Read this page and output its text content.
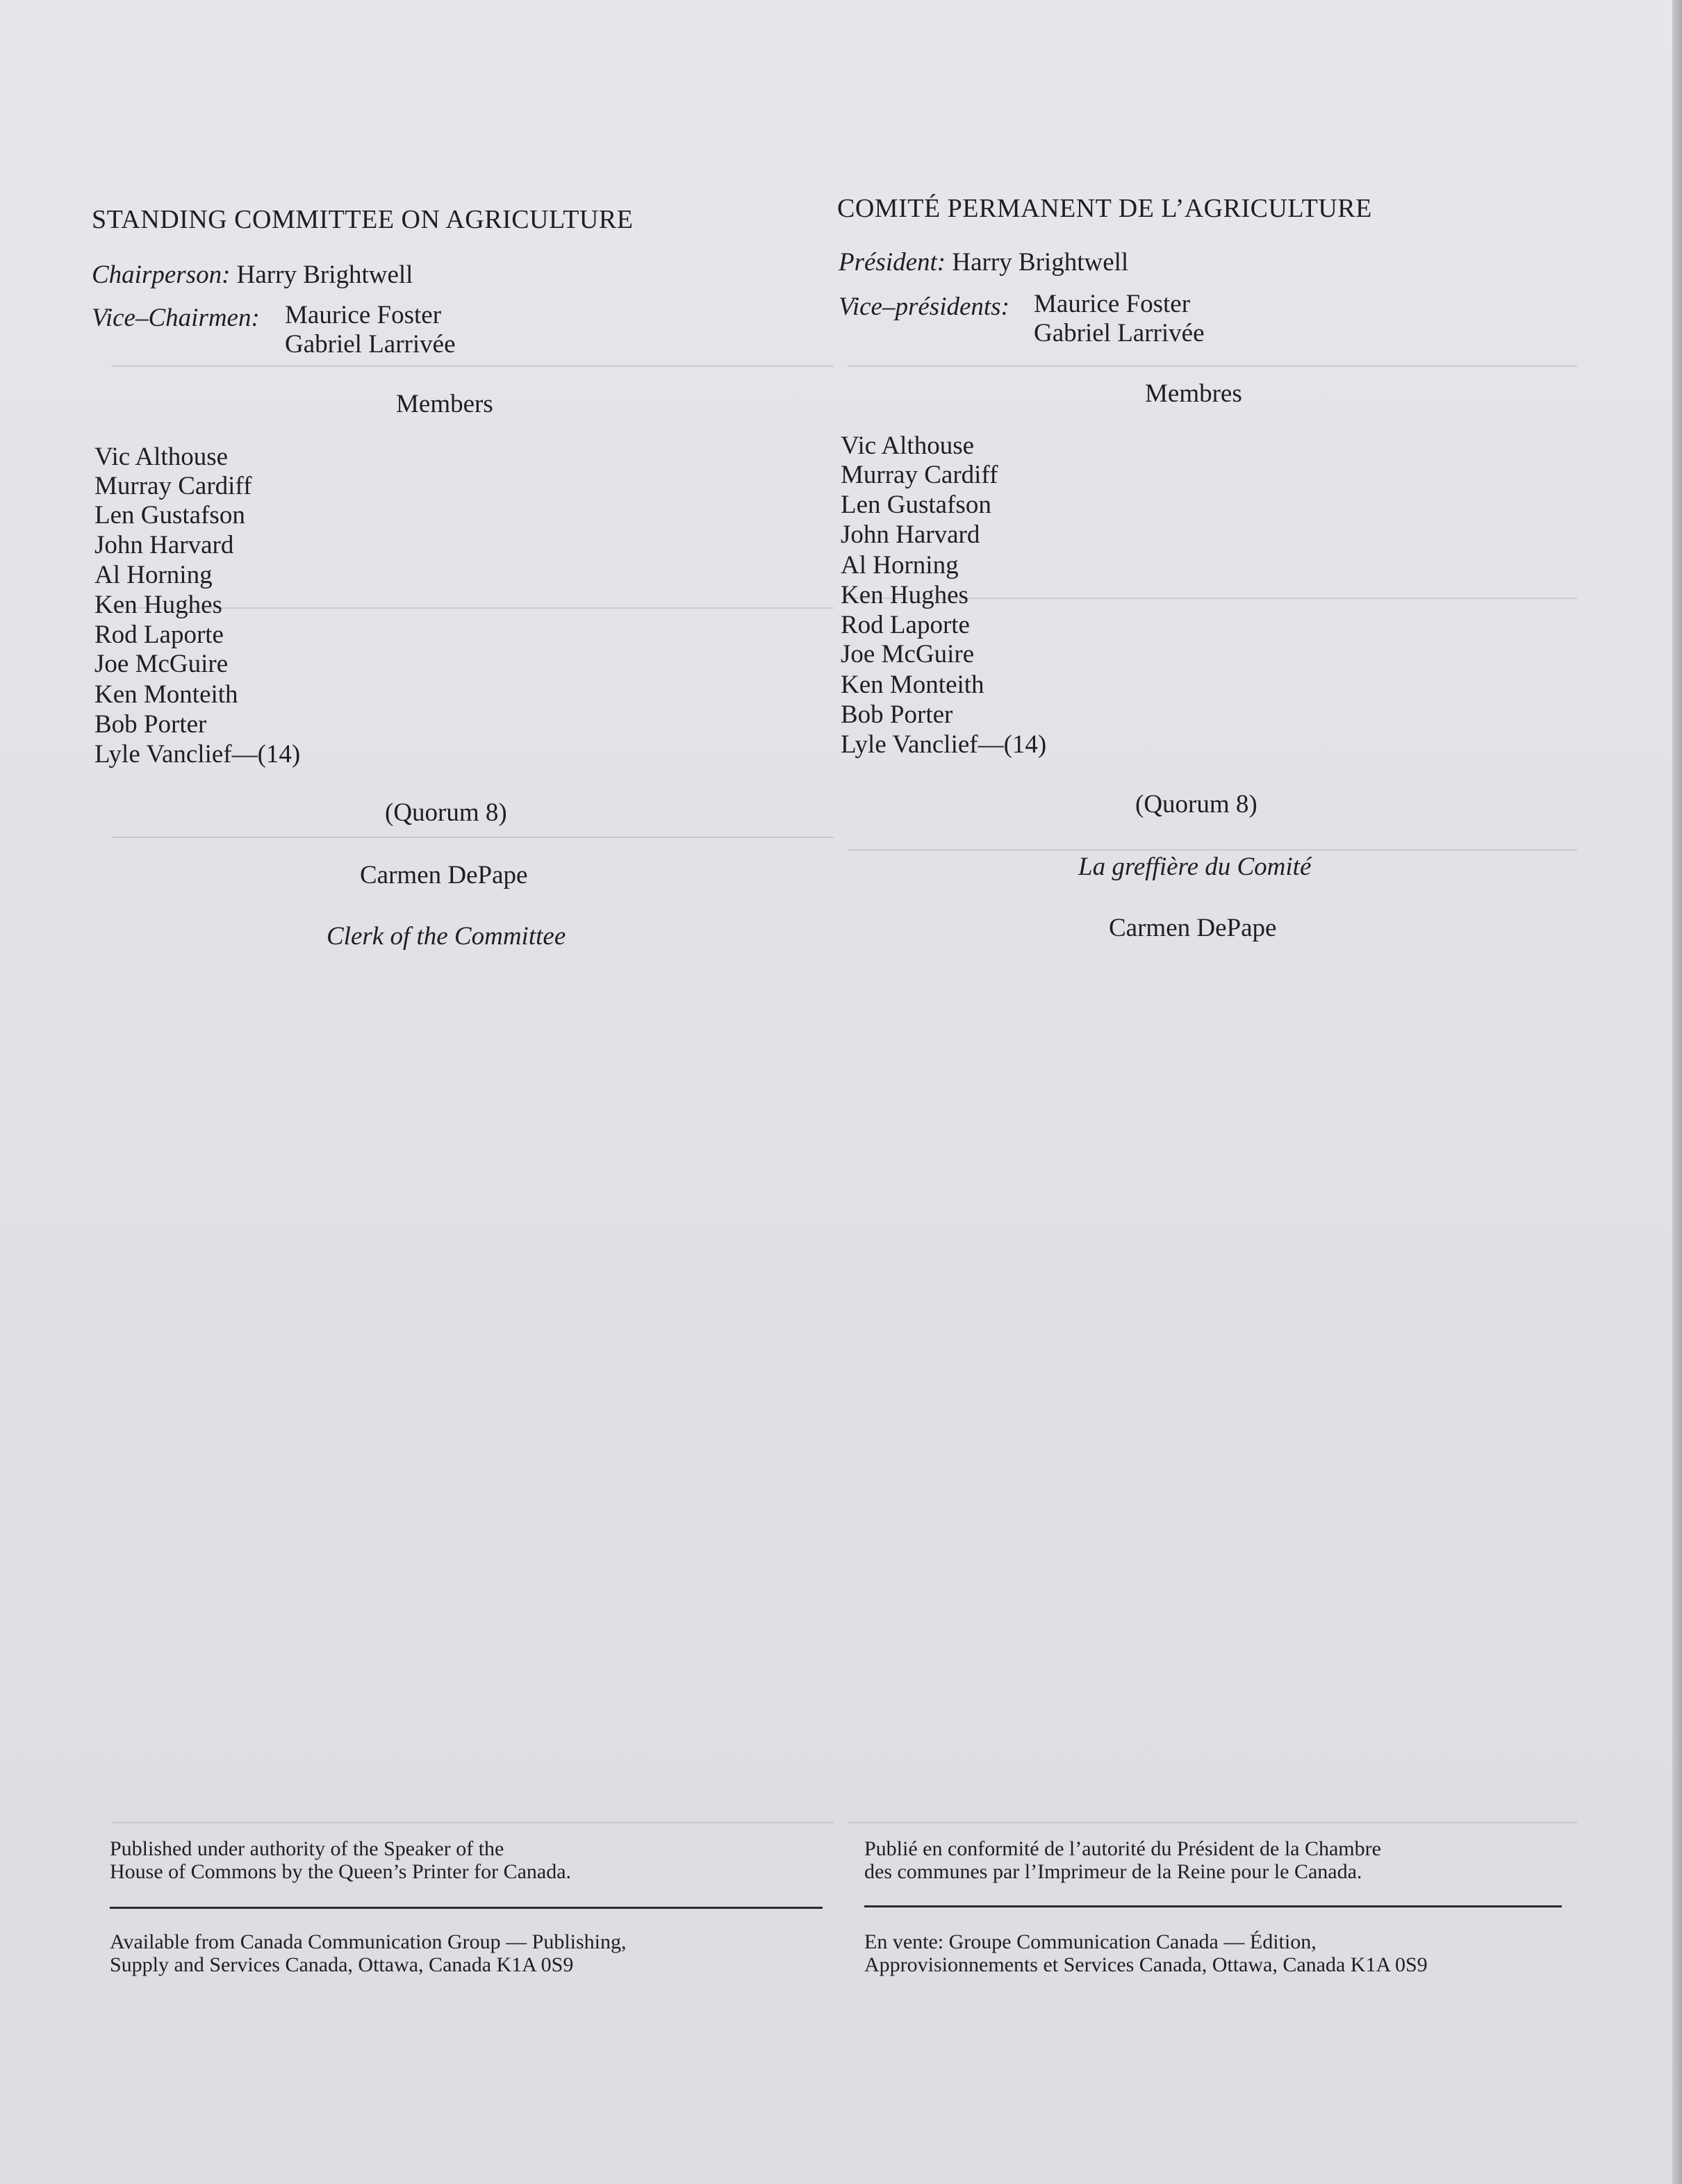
STANDING COMMITTEE ON AGRICULTURE
Chairperson: Harry Brightwell
Vice–Chairmen: Maurice Foster
Gabriel Larrivée
Members
Vic Althouse
Murray Cardiff
Len Gustafson
John Harvard
Al Horning
Ken Hughes
Rod Laporte
Joe McGuire
Ken Monteith
Bob Porter
Lyle Vanclief—(14)
(Quorum 8)
Carmen DePape
Clerk of the Committee
COMITÉ PERMANENT DE L’AGRICULTURE
Président: Harry Brightwell
Vice–présidents: Maurice Foster
Gabriel Larrivée
Membres
Vic Althouse
Murray Cardiff
Len Gustafson
John Harvard
Al Horning
Ken Hughes
Rod Laporte
Joe McGuire
Ken Monteith
Bob Porter
Lyle Vanclief—(14)
(Quorum 8)
La greffière du Comité
Carmen DePape
Published under authority of the Speaker of the
House of Commons by the Queen’s Printer for Canada.
Available from Canada Communication Group — Publishing,
Supply and Services Canada, Ottawa, Canada K1A 0S9
Publié en conformité de l’autorité du Président de la Chambre
des communes par l’Imprimeur de la Reine pour le Canada.
En vente: Groupe Communication Canada — Édition,
Approvisionnements et Services Canada, Ottawa, Canada K1A 0S9
